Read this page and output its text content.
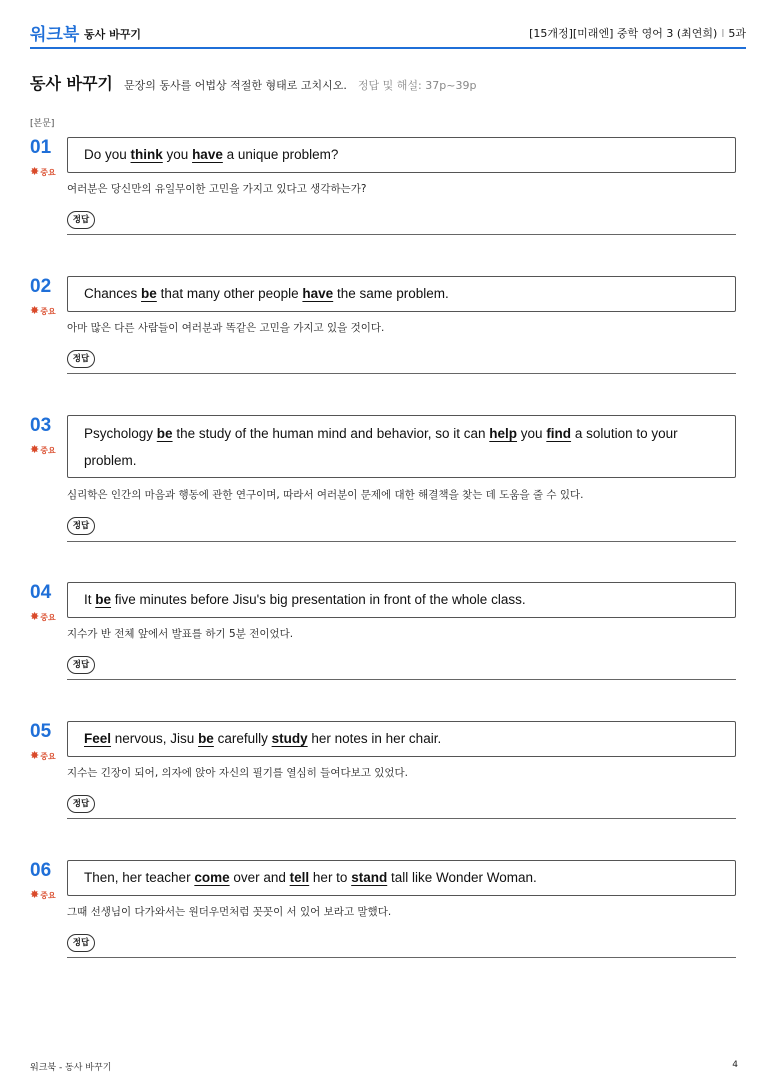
워크북 동사 바꾸기	[15개정][미래엔] 중학 영어 3 (최연희) l 5과
동사 바꾸기 문장의 동사를 어법상 적절한 형태로 고치시오. 정답 및 해설: 37p~39p
[본문]
01
✸중요
Do you think you have a unique problem?
여러분은 당신만의 유일무이한 고민을 가지고 있다고 생각하는가?
정답
02
✸중요
Chances be that many other people have the same problem.
아마 많은 다른 사람들이 여러분과 똑같은 고민을 가지고 있을 것이다.
정답
03
✸중요
Psychology be the study of the human mind and behavior, so it can help you find a solution to your problem.
심리학은 인간의 마음과 행동에 관한 연구이며, 따라서 여러분이 문제에 대한 해결책을 찾는 데 도움을 줄 수 있다.
정답
04
✸중요
It be five minutes before Jisu's big presentation in front of the whole class.
지수가 반 전체 앞에서 발표를 하기 5분 전이었다.
정답
05
✸중요
Feel nervous, Jisu be carefully study her notes in her chair.
지수는 긴장이 되어, 의자에 앉아 자신의 필기를 열심히 들여다보고 있었다.
정답
06
✸중요
Then, her teacher come over and tell her to stand tall like Wonder Woman.
그때 선생님이 다가와서는 원더우먼처럼 꼿꼿이 서 있어 보라고 말했다.
정답
워크북 - 동사 바꾸기	4
